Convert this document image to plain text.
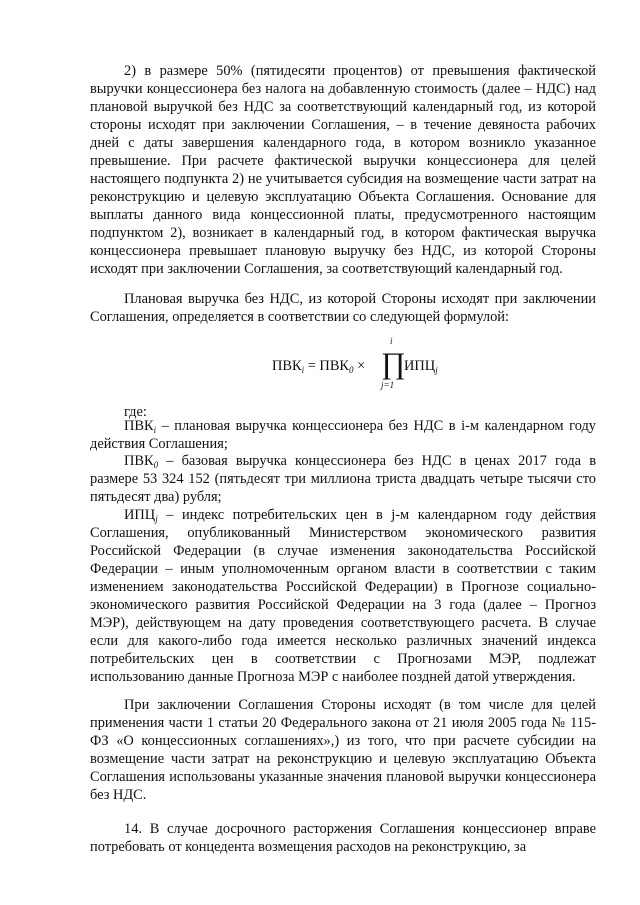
2) в размере 50% (пятидесяти процентов) от превышения фактической выручки концессионера без налога на добавленную стоимость (далее – НДС) над плановой выручкой без НДС за соответствующий календарный год, из которой стороны исходят при заключении Соглашения, – в течение девяноста рабочих дней с даты завершения календарного года, в котором возникло указанное превышение. При расчете фактической выручки концессионера для целей настоящего подпункта 2) не учитывается субсидия на возмещение части затрат на реконструкцию и целевую эксплуатацию Объекта Соглашения. Основание для выплаты данного вида концессионной платы, предусмотренного настоящим подпунктом 2), возникает в календарный год, в котором фактическая выручка концессионера превышает плановую выручку без НДС, из которой Стороны исходят при заключении Соглашения, за соответствующий календарный год.

Плановая выручка без НДС, из которой Стороны исходят при заключении Соглашения, определяется в соответствии со следующей формулой:

$ПВК_i = ПВК_0$ ×
i
∏
j=1
$ИПЦ_j$

где:

$ПВК_i$ – плановая выручка концессионера без НДС в i-м календарном году действия Соглашения;

$ПВК_0$ – базовая выручка концессионера без НДС в ценах 2017 года в размере 53 324 152 (пятьдесят три миллиона триста двадцать четыре тысячи сто пятьдесят два) рубля;

$ИПЦ_j$ – индекс потребительских цен в j-м календарном году действия Соглашения, опубликованный Министерством экономического развития Российской Федерации (в случае изменения законодательства Российской Федерации – иным уполномоченным органом власти в соответствии с таким изменением законодательства Российской Федерации) в Прогнозе социально-экономического развития Российской Федерации на 3 года (далее – Прогноз МЭР), действующем на дату проведения соответствующего расчета. В случае если для какого-либо года имеется несколько различных значений индекса потребительских цен в соответствии с Прогнозами МЭР, подлежат использованию данные Прогноза МЭР с наиболее поздней датой утверждения.

При заключении Соглашения Стороны исходят (в том числе для целей применения части 1 статьи 20 Федерального закона от 21 июля 2005 года № 115-ФЗ «О концессионных соглашениях»,) из того, что при расчете субсидии на возмещение части затрат на реконструкцию и целевую эксплуатацию Объекта Соглашения использованы указанные значения плановой выручки концессионера без НДС.

14. В случае досрочного расторжения Соглашения концессионер вправе потребовать от концедента возмещения расходов на реконструкцию, за
